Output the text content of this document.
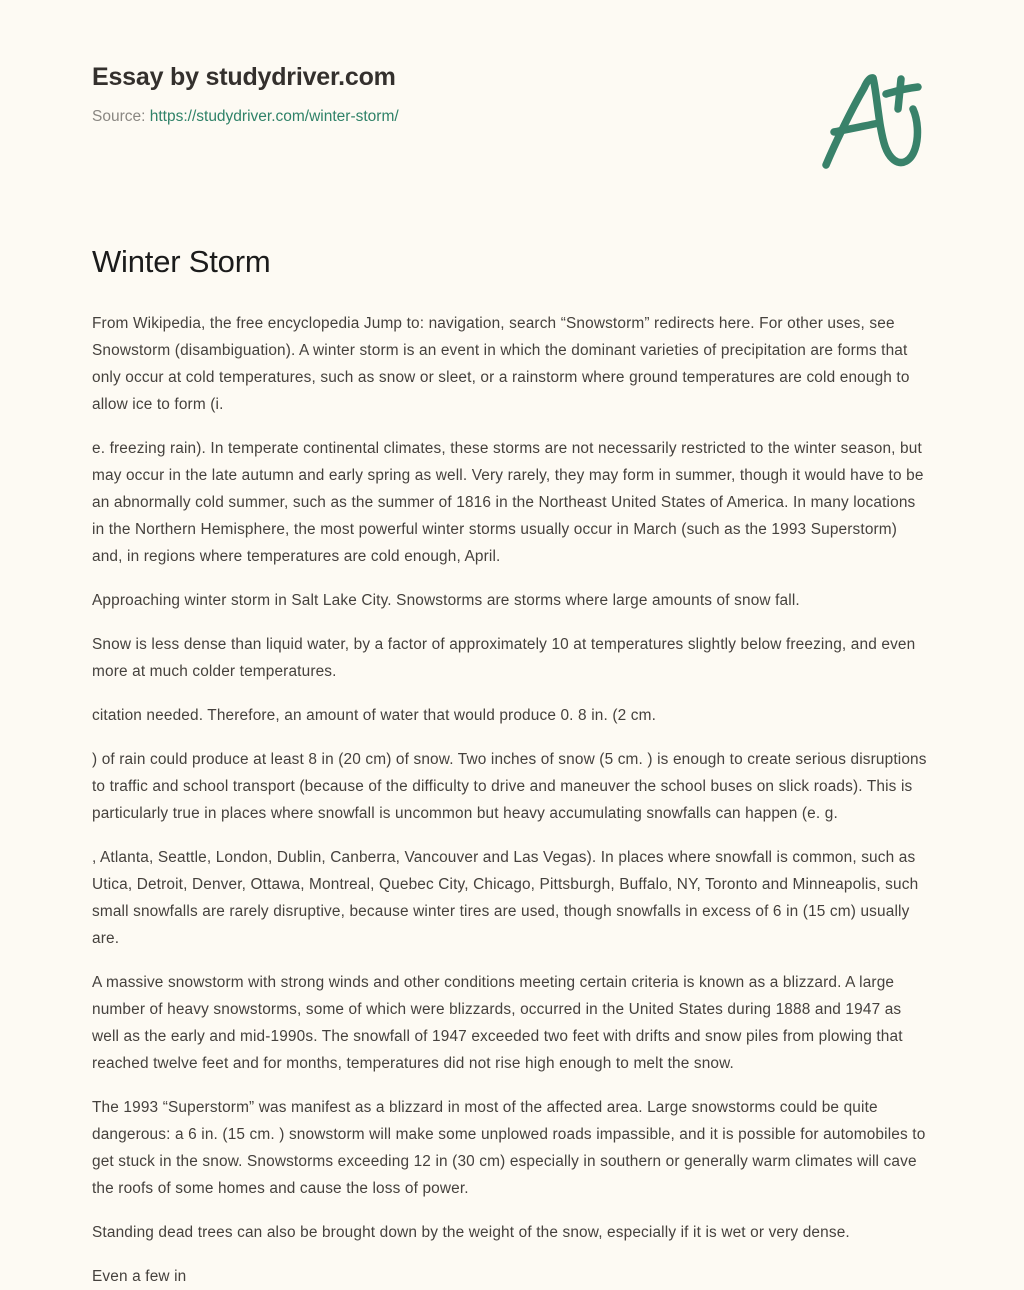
Essay by studydriver.com
Source: https://studydriver.com/winter-storm/
Winter Storm

From Wikipedia, the free encyclopedia Jump to: navigation, search “Snowstorm” redirects here. For other uses, see Snowstorm (disambiguation). A winter storm is an event in which the dominant varieties of precipitation are forms that only occur at cold temperatures, such as snow or sleet, or a rainstorm where ground temperatures are cold enough to allow ice to form (i.

e. freezing rain). In temperate continental climates, these storms are not necessarily restricted to the winter season, but may occur in the late autumn and early spring as well. Very rarely, they may form in summer, though it would have to be an abnormally cold summer, such as the summer of 1816 in the Northeast United States of America. In many locations in the Northern Hemisphere, the most powerful winter storms usually occur in March (such as the 1993 Superstorm) and, in regions where temperatures are cold enough, April.

Approaching winter storm in Salt Lake City. Snowstorms are storms where large amounts of snow fall.

Snow is less dense than liquid water, by a factor of approximately 10 at temperatures slightly below freezing, and even more at much colder temperatures.

citation needed. Therefore, an amount of water that would produce 0. 8 in. (2 cm.

) of rain could produce at least 8 in (20 cm) of snow. Two inches of snow (5 cm. ) is enough to create serious disruptions to traffic and school transport (because of the difficulty to drive and maneuver the school buses on slick roads). This is particularly true in places where snowfall is uncommon but heavy accumulating snowfalls can happen (e. g.

, Atlanta, Seattle, London, Dublin, Canberra, Vancouver and Las Vegas). In places where snowfall is common, such as Utica, Detroit, Denver, Ottawa, Montreal, Quebec City, Chicago, Pittsburgh, Buffalo, NY, Toronto and Minneapolis, such small snowfalls are rarely disruptive, because winter tires are used, though snowfalls in excess of 6 in (15 cm) usually are.

A massive snowstorm with strong winds and other conditions meeting certain criteria is known as a blizzard. A large number of heavy snowstorms, some of which were blizzards, occurred in the United States during 1888 and 1947 as well as the early and mid-1990s. The snowfall of 1947 exceeded two feet with drifts and snow piles from plowing that reached twelve feet and for months, temperatures did not rise high enough to melt the snow.

The 1993 “Superstorm” was manifest as a blizzard in most of the affected area. Large snowstorms could be quite dangerous: a 6 in. (15 cm. ) snowstorm will make some unplowed roads impassible, and it is possible for automobiles to get stuck in the snow. Snowstorms exceeding 12 in (30 cm) especially in southern or generally warm climates will cave the roofs of some homes and cause the loss of power.

Standing dead trees can also be brought down by the weight of the snow, especially if it is wet or very dense.

Even a few in
